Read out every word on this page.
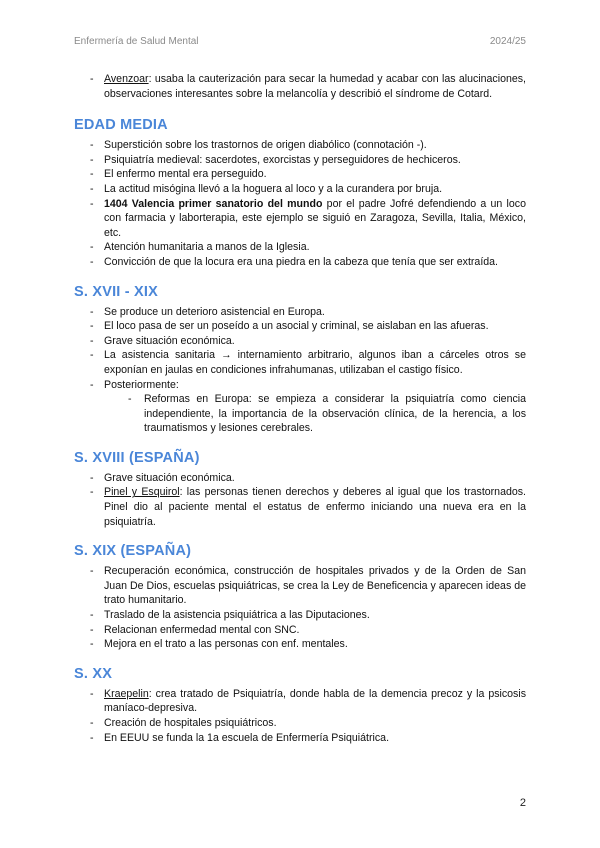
Enfermería de Salud Mental	2024/25
- Avenzoar: usaba la cauterización para secar la humedad y acabar con las alucinaciones, observaciones interesantes sobre la melancolía y describió el síndrome de Cotard.
EDAD MEDIA
- Superstición sobre los trastornos de origen diabólico (connotación -).
- Psiquiatría medieval: sacerdotes, exorcistas y perseguidores de hechiceros.
- El enfermo mental era perseguido.
- La actitud misógina llevó a la hoguera al loco y a la curandera por bruja.
- 1404 Valencia primer sanatorio del mundo por el padre Jofré defendiendo a un loco con farmacia y laborterapia, este ejemplo se siguió en Zaragoza, Sevilla, Italia, México, etc.
- Atención humanitaria a manos de la Iglesia.
- Convicción de que la locura era una piedra en la cabeza que tenía que ser extraída.
S. XVII - XIX
- Se produce un deterioro asistencial en Europa.
- El loco pasa de ser un poseído a un asocial y criminal, se aislaban en las afueras.
- Grave situación económica.
- La asistencia sanitaria → internamiento arbitrario, algunos iban a cárceles otros se exponían en jaulas en condiciones infrahumanas, utilizaban el castigo físico.
- Posteriormente:
- Reformas en Europa: se empieza a considerar la psiquiatría como ciencia independiente, la importancia de la observación clínica, de la herencia, a los traumatismos y lesiones cerebrales.
S. XVIII (ESPAÑA)
- Grave situación económica.
- Pinel y Esquirol: las personas tienen derechos y deberes al igual que los trastornados. Pinel dio al paciente mental el estatus de enfermo iniciando una nueva era en la psiquiatría.
S. XIX (ESPAÑA)
- Recuperación económica, construcción de hospitales privados y de la Orden de San Juan De Dios, escuelas psiquiátricas, se crea la Ley de Beneficencia y aparecen ideas de trato humanitario.
- Traslado de la asistencia psiquiátrica a las Diputaciones.
- Relacionan enfermedad mental con SNC.
- Mejora en el trato a las personas con enf. mentales.
S. XX
- Kraepelin: crea tratado de Psiquiatría, donde habla de la demencia precoz y la psicosis maníaco-depresiva.
- Creación de hospitales psiquiátricos.
- En EEUU se funda la 1a escuela de Enfermería Psiquiátrica.
2
